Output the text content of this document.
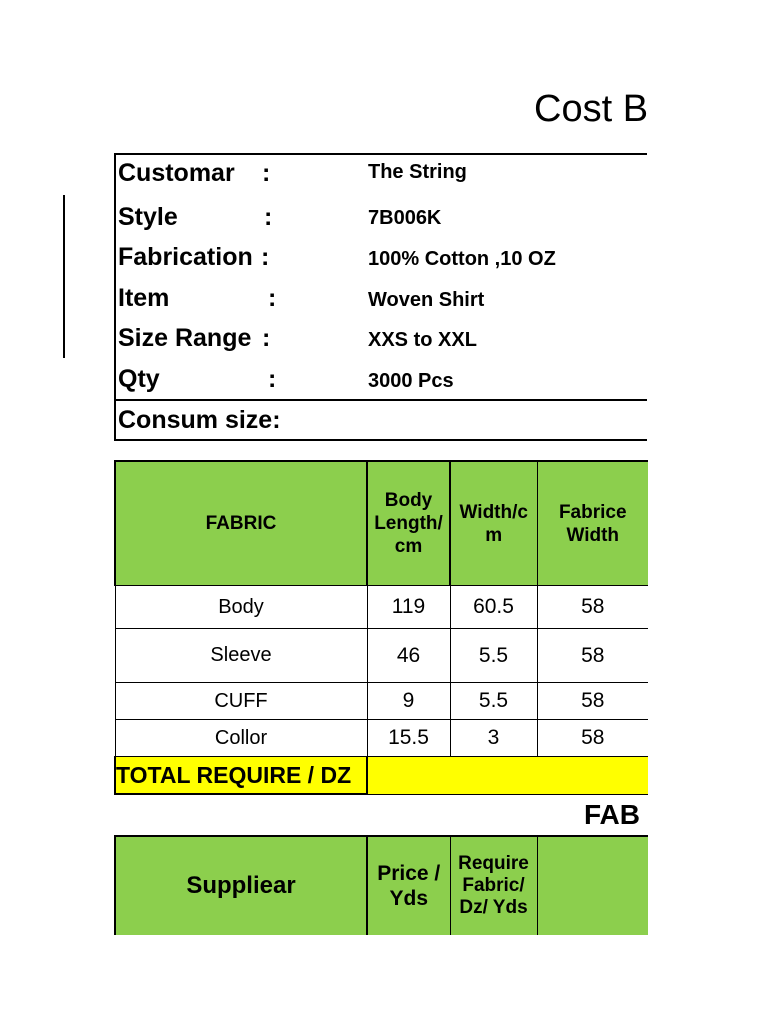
Cost B
Customar :	The String
Style	:	7B006K
Fabrication :	100% Cotton ,10 OZ
Item	:	Woven Shirt
Size Range :	XXS to XXL
Qty	:	3000 Pcs
Consum size:
FABRIC	Body Length/ cm	Width/c m	Fabrice Width
Body	119	60.5	58
Sleeve	46	5.5	58
CUFF	9	5.5	58
Collor	15.5	3	58
TOTAL REQUIRE / DZ			
FAB
Suppliear	Price / Yds	Require Fabric/ Dz/ Yds	
